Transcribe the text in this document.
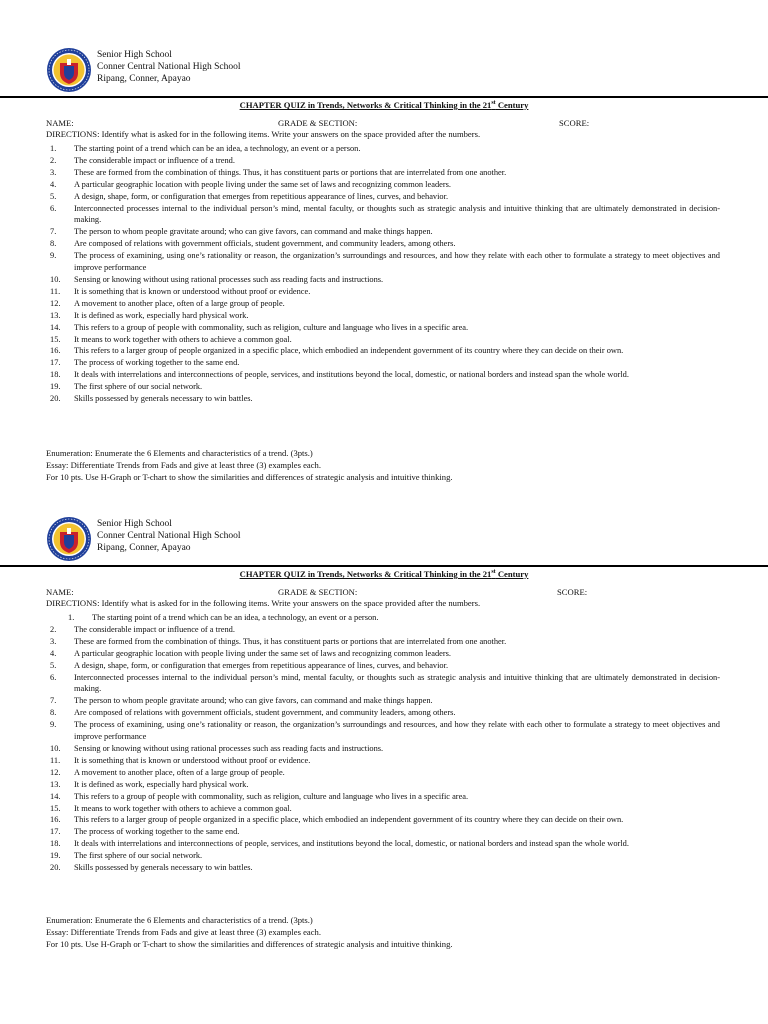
Senior High School
Conner Central National High School
Ripang, Conner, Apayao
CHAPTER QUIZ in Trends, Networks & Critical Thinking in the 21st Century
NAME:	GRADE & SECTION:	SCORE:
DIRECTIONS: Identify what is asked for in the following items. Write your answers on the space provided after the numbers.
1. The starting point of a trend which can be an idea, a technology, an event or a person.
2. The considerable impact or influence of a trend.
3. These are formed from the combination of things. Thus, it has constituent parts or portions that are interrelated from one another.
4. A particular geographic location with people living under the same set of laws and recognizing common leaders.
5. A design, shape, form, or configuration that emerges from repetitious appearance of lines, curves, and behavior.
6. Interconnected processes internal to the individual person’s mind, mental faculty, or thoughts such as strategic analysis and intuitive thinking that are ultimately demonstrated in decision- making.
7. The person to whom people gravitate around; who can give favors, can command and make things happen.
8. Are composed of relations with government officials, student government, and community leaders, among others.
9. The process of examining, using one’s rationality or reason, the organization’s surroundings and resources, and how they relate with each other to formulate a strategy to meet objectives and improve performance
10. Sensing or knowing without using rational processes such ass reading facts and instructions.
11. It is something that is known or understood without proof or evidence.
12. A movement to another place, often of a large group of people.
13. It is defined as work, especially hard physical work.
14. This refers to a group of people with commonality, such as religion, culture and language who lives in a specific area.
15. It means to work together with others to achieve a common goal.
16. This refers to a larger group of people organized in a specific place, which embodied an independent government of its country where they can decide on their own.
17. The process of working together to the same end.
18. It deals with interrelations and interconnections of people, services, and institutions beyond the local, domestic, or national borders and instead span the whole world.
19. The first sphere of our social network.
20. Skills possessed by generals necessary to win battles.
Enumeration: Enumerate the 6 Elements and characteristics of a trend. (3pts.)
Essay: Differentiate Trends from Fads and give at least three (3) examples each.
For 10 pts. Use H-Graph or T-chart to show the similarities and differences of strategic analysis and intuitive thinking.
Senior High School
Conner Central National High School
Ripang, Conner, Apayao
CHAPTER QUIZ in Trends, Networks & Critical Thinking in the 21st Century
NAME:	GRADE & SECTION:	SCORE:
DIRECTIONS: Identify what is asked for in the following items. Write your answers on the space provided after the numbers.
1. The starting point of a trend which can be an idea, a technology, an event or a person.
2. The considerable impact or influence of a trend.
3. These are formed from the combination of things. Thus, it has constituent parts or portions that are interrelated from one another.
4. A particular geographic location with people living under the same set of laws and recognizing common leaders.
5. A design, shape, form, or configuration that emerges from repetitious appearance of lines, curves, and behavior.
6. Interconnected processes internal to the individual person’s mind, mental faculty, or thoughts such as strategic analysis and intuitive thinking that are ultimately demonstrated in decision- making.
7. The person to whom people gravitate around; who can give favors, can command and make things happen.
8. Are composed of relations with government officials, student government, and community leaders, among others.
9. The process of examining, using one’s rationality or reason, the organization’s surroundings and resources, and how they relate with each other to formulate a strategy to meet objectives and improve performance
10. Sensing or knowing without using rational processes such ass reading facts and instructions.
11. It is something that is known or understood without proof or evidence.
12. A movement to another place, often of a large group of people.
13. It is defined as work, especially hard physical work.
14. This refers to a group of people with commonality, such as religion, culture and language who lives in a specific area.
15. It means to work together with others to achieve a common goal.
16. This refers to a larger group of people organized in a specific place, which embodied an independent government of its country where they can decide on their own.
17. The process of working together to the same end.
18. It deals with interrelations and interconnections of people, services, and institutions beyond the local, domestic, or national borders and instead span the whole world.
19. The first sphere of our social network.
20. Skills possessed by generals necessary to win battles.
Enumeration: Enumerate the 6 Elements and characteristics of a trend. (3pts.)
Essay: Differentiate Trends from Fads and give at least three (3) examples each.
For 10 pts. Use H-Graph or T-chart to show the similarities and differences of strategic analysis and intuitive thinking.
